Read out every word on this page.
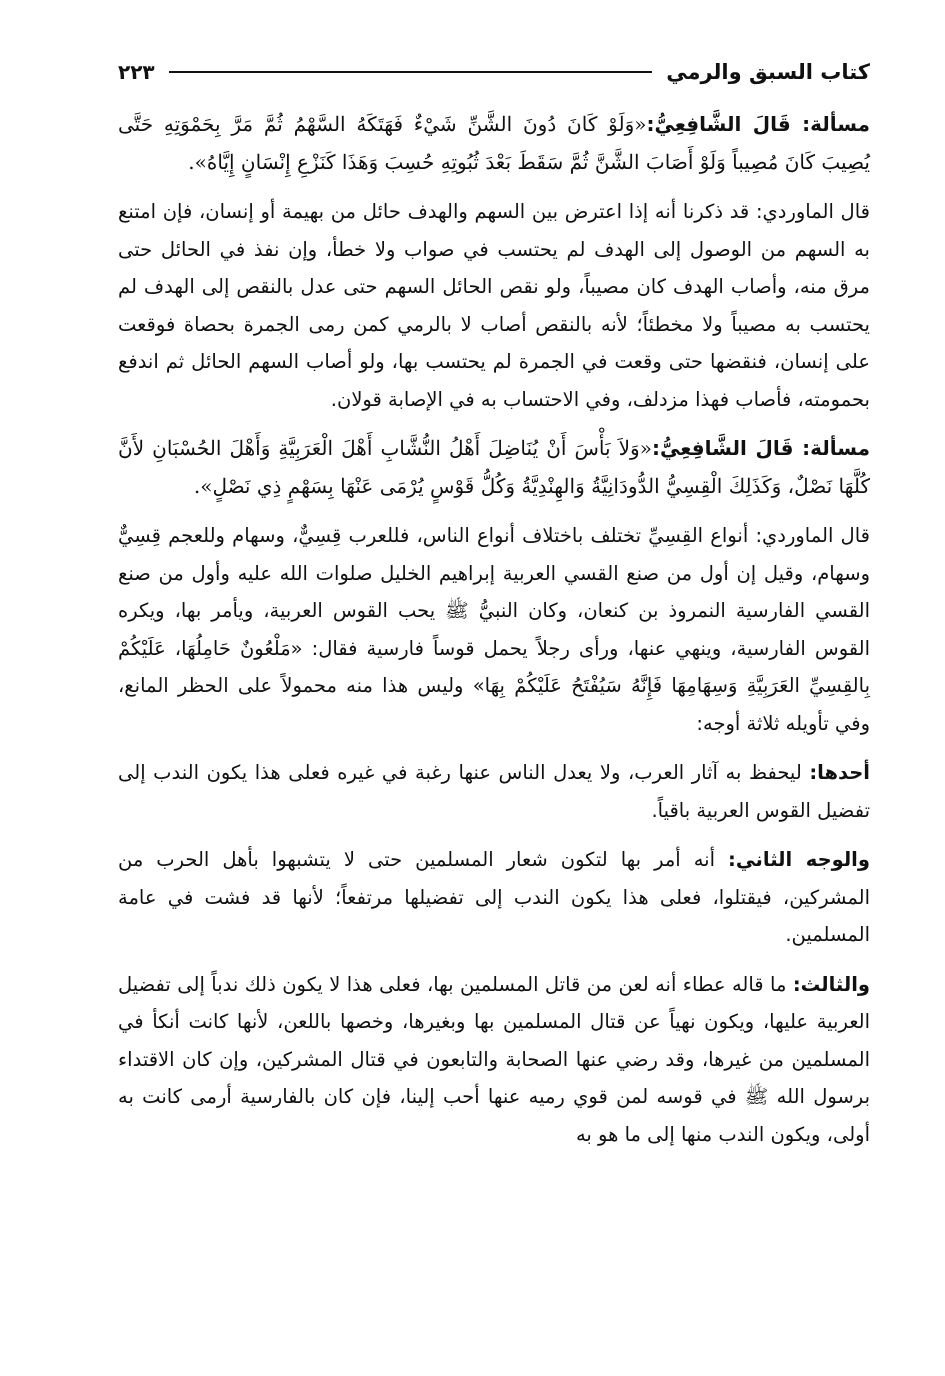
كتاب السبق والرمي
٢٢٣

مسألة: قَالَ الشَّافِعِيُّ:«وَلَوْ كَانَ دُونَ الشَّنِّ شَيْءٌ فَهَتَكَهُ السَّهْمُ ثُمَّ مَرَّ بِحَمْوَتِهِ حَتَّى يُصِيبَ كَانَ مُصِيباً وَلَوْ أَصَابَ الشَّنَّ ثُمَّ سَقَطَ بَعْدَ ثُبُوتِهِ حُسِبَ وَهَذَا كَنَزْعِ إِنْسَانٍ إِيَّاهُ».

قال الماوردي: قد ذكرنا أنه إذا اعترض بين السهم والهدف حائل من بهيمة أو إنسان، فإن امتنع به السهم من الوصول إلى الهدف لم يحتسب في صواب ولا خطأ، وإن نفذ في الحائل حتى مرق منه، وأصاب الهدف كان مصيباً، ولو نقص الحائل السهم حتى عدل بالنقص إلى الهدف لم يحتسب به مصيباً ولا مخطئاً؛ لأنه بالنقص أصاب لا بالرمي كمن رمى الجمرة بحصاة فوقعت على إنسان، فنقضها حتى وقعت في الجمرة لم يحتسب بها، ولو أصاب السهم الحائل ثم اندفع بحمومته، فأصاب فهذا مزدلف، وفي الاحتساب به في الإصابة قولان.

مسألة: قَالَ الشَّافِعِيُّ:«وَلاَ بَأْسَ أَنْ يُنَاضِلَ أَهْلُ النُّشَّابِ أَهْلَ الْعَرَبِيَّةِ وَأَهْلَ الحُسْبَانِ لأَنَّ كُلَّهَا نَصْلٌ، وَكَذَلِكَ الْقِسِيُّ الدُّودَانِيَّةُ وَالهِنْدِيَّةُ وَكُلُّ قَوْسٍ يُرْمَى عَنْهَا بِسَهْمٍ ذِي نَصْلٍ».

قال الماوردي: أنواع القِسِيِّ تختلف باختلاف أنواع الناس، فللعرب قِسِيٌّ، وسهام وللعجم قِسِيٌّ وسهام، وقيل إن أول من صنع القسي العربية إبراهيم الخليل صلوات الله عليه وأول من صنع القسي الفارسية النمروذ بن كنعان، وكان النبيُّ ﷺ يحب القوس العربية، ويأمر بها، ويكره القوس الفارسية، وينهي عنها، ورأى رجلاً يحمل قوساً فارسية فقال: «مَلْعُونٌ حَامِلُهَا، عَلَيْكُمْ بِالقِسِيِّ العَرَبِيَّةِ وَسِهَامِهَا فَإِنَّهُ سَيُفْتَحُ عَلَيْكُمْ بِهَا» وليس هذا منه محمولاً على الحظر المانع، وفي تأويله ثلاثة أوجه:

أحدها: ليحفظ به آثار العرب، ولا يعدل الناس عنها رغبة في غيره فعلى هذا يكون الندب إلى تفضيل القوس العربية باقياً.

والوجه الثاني: أنه أمر بها لتكون شعار المسلمين حتى لا يتشبهوا بأهل الحرب من المشركين، فيقتلوا، فعلى هذا يكون الندب إلى تفضيلها مرتفعاً؛ لأنها قد فشت في عامة المسلمين.

والثالث: ما قاله عطاء أنه لعن من قاتل المسلمين بها، فعلى هذا لا يكون ذلك ندباً إلى تفضيل العربية عليها، ويكون نهياً عن قتال المسلمين بها وبغيرها، وخصها باللعن، لأنها كانت أنكأ في المسلمين من غيرها، وقد رضي عنها الصحابة والتابعون في قتال المشركين، وإن كان الاقتداء برسول الله ﷺ في قوسه لمن قوي رميه عنها أحب إلينا، فإن كان بالفارسية أرمى كانت به أولى، ويكون الندب منها إلى ما هو به
